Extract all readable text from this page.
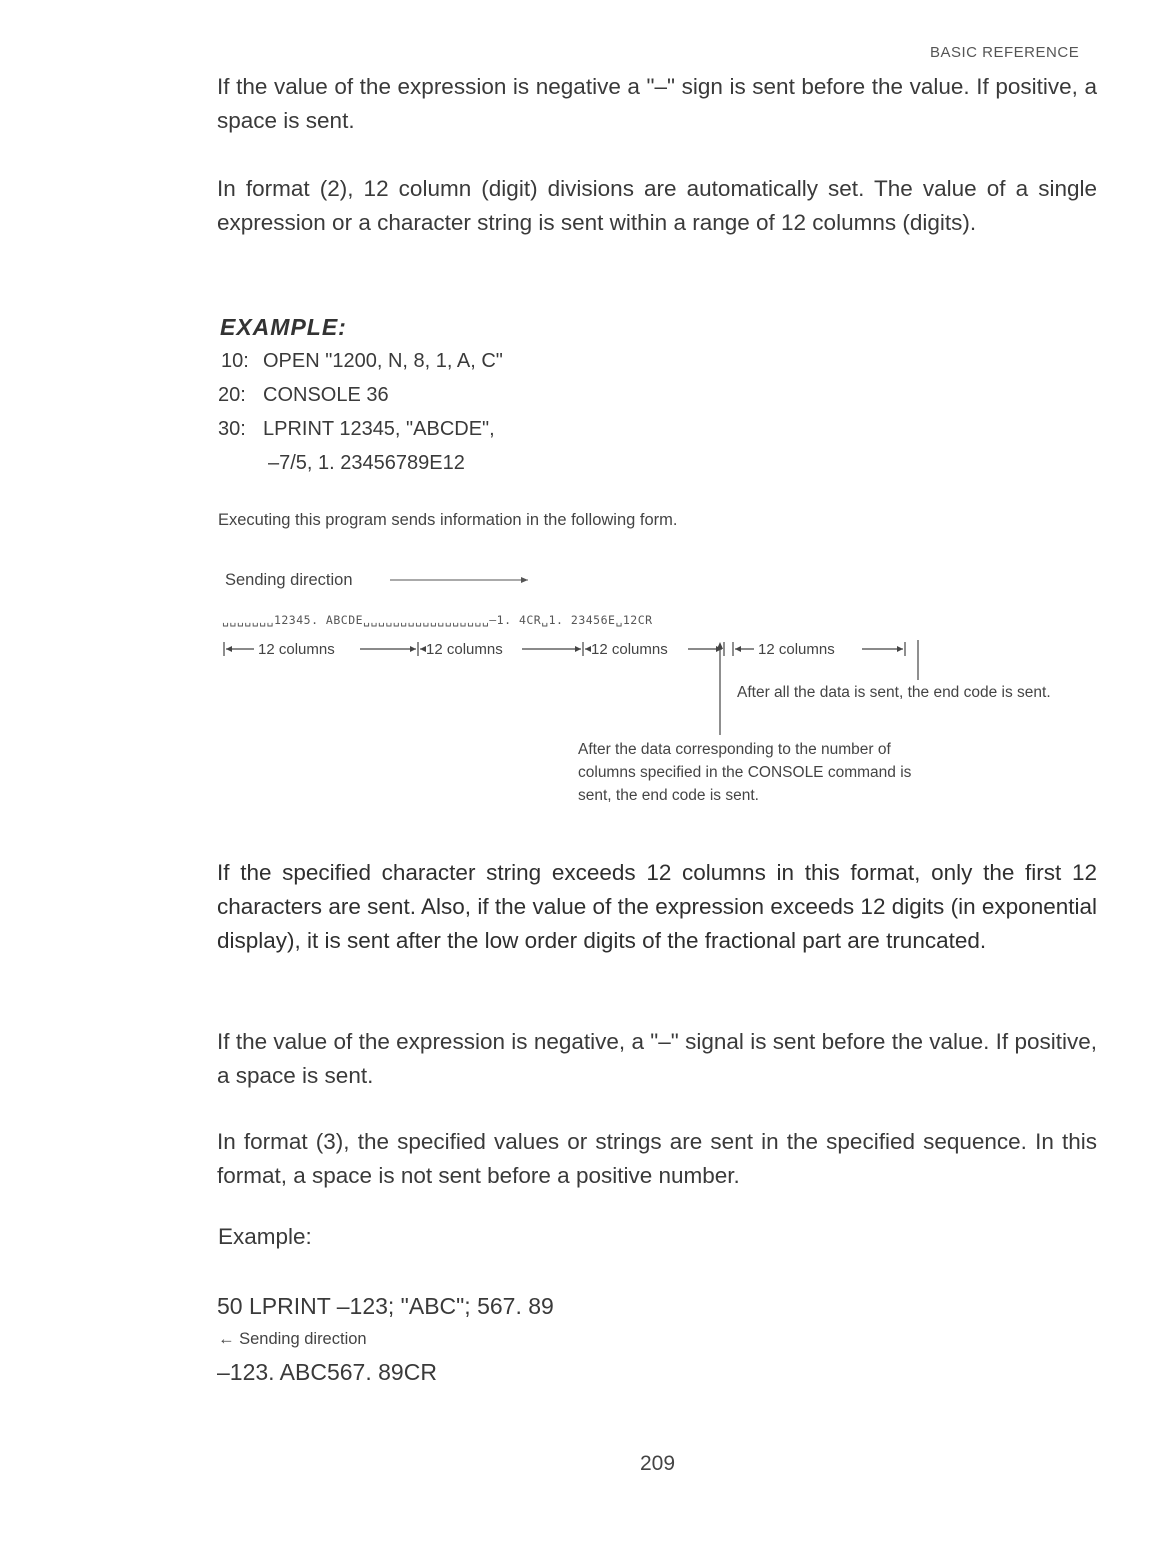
BASIC REFERENCE
If the value of the expression is negative a "–" sign is sent before the value. If positive, a space is sent.
In format (2), 12 column (digit) divisions are automatically set. The value of a single expression or a character string is sent within a range of 12 columns (digits).
EXAMPLE:
10: OPEN "1200, N, 8, 1, A, C"
20: CONSOLE 36
30: LPRINT 12345, "ABCDE",
–7/5, 1. 23456789E12
Executing this program sends information in the following form.
Sending direction
␣␣␣␣␣␣␣12345. ABCDE␣␣␣␣␣␣␣␣␣␣␣␣␣␣␣␣␣–1. 4CR␣1. 23456E␣12CR
12 columns	12 columns	12 columns	12 columns
After all the data is sent, the end code is sent.
After the data corresponding to the number of columns specified in the CONSOLE command is sent, the end code is sent.
If the specified character string exceeds 12 columns in this format, only the first 12 characters are sent. Also, if the value of the expression exceeds 12 digits (in exponential display), it is sent after the low order digits of the fractional part are truncated.
If the value of the expression is negative, a "–" signal is sent before the value. If positive, a space is sent.
In format (3), the specified values or strings are sent in the specified sequence. In this format, a space is not sent before a positive number.
Example:
50 LPRINT –123; "ABC"; 567. 89
← Sending direction
–123. ABC567. 89CR
209
